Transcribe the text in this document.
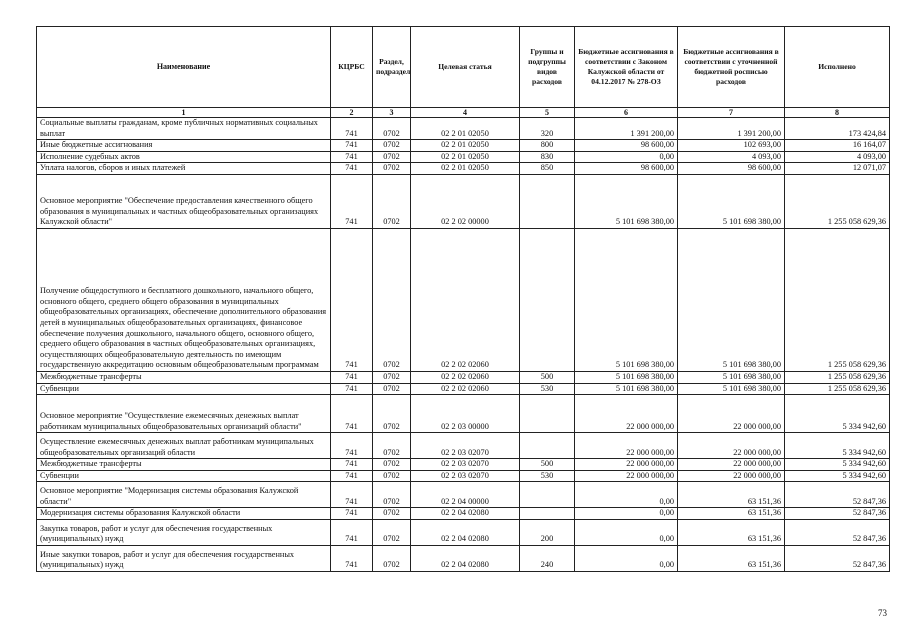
Наименование	КЦРБС	Раздел, подраздел	Целевая статья	Группы и подгруппы видов расходов	Бюджетные ассигнования в соответствии с Законом Калужской области от 04.12.2017 № 278-ОЗ	Бюджетные ассигнования в соответствии с уточненной бюджетной росписью расходов	Исполнено
1	2	3	4	5	6	7	8
Социальные выплаты гражданам, кроме публичных нормативных социальных выплат	741	0702	02 2 01 02050	320	1 391 200,00	1 391 200,00	173 424,84
Иные бюджетные ассигнования	741	0702	02 2 01 02050	800	98 600,00	102 693,00	16 164,07
Исполнение судебных актов	741	0702	02 2 01 02050	830	0,00	4 093,00	4 093,00
Уплата налогов, сборов и иных платежей	741	0702	02 2 01 02050	850	98 600,00	98 600,00	12 071,07
Основное мероприятие "Обеспечение предоставления качественного общего образования в муниципальных и частных общеобразовательных организациях Калужской области"	741	0702	02 2 02 00000		5 101 698 380,00	5 101 698 380,00	1 255 058 629,36
Получение общедоступного и бесплатного дошкольного, начального общего, основного общего, среднего общего образования в муниципальных общеобразовательных организациях, обеспечение дополнительного образования детей в муниципальных общеобразовательных организациях, финансовое обеспечение получения дошкольного, начального общего, основного общего, среднего общего образования в частных общеобразовательных организациях, осуществляющих общеобразовательную деятельность по имеющим государственную аккредитацию основным общеобразовательным программам	741	0702	02 2 02 02060		5 101 698 380,00	5 101 698 380,00	1 255 058 629,36
Межбюджетные трансферты	741	0702	02 2 02 02060	500	5 101 698 380,00	5 101 698 380,00	1 255 058 629,36
Субвенции	741	0702	02 2 02 02060	530	5 101 698 380,00	5 101 698 380,00	1 255 058 629,36
Основное мероприятие "Осуществление ежемесячных денежных выплат работникам муниципальных общеобразовательных организаций области"	741	0702	02 2 03 00000		22 000 000,00	22 000 000,00	5 334 942,60
Осуществление ежемесячных денежных выплат работникам муниципальных общеобразовательных организаций области	741	0702	02 2 03 02070		22 000 000,00	22 000 000,00	5 334 942,60
Межбюджетные трансферты	741	0702	02 2 03 02070	500	22 000 000,00	22 000 000,00	5 334 942,60
Субвенции	741	0702	02 2 03 02070	530	22 000 000,00	22 000 000,00	5 334 942,60
Основное мероприятие "Модернизация системы образования Калужской области"	741	0702	02 2 04 00000		0,00	63 151,36	52 847,36
Модернизация системы образования Калужской области	741	0702	02 2 04 02080		0,00	63 151,36	52 847,36
Закупка товаров, работ и услуг для обеспечения государственных (муниципальных) нужд	741	0702	02 2 04 02080	200	0,00	63 151,36	52 847,36
Иные закупки товаров, работ и услуг для обеспечения государственных (муниципальных) нужд	741	0702	02 2 04 02080	240	0,00	63 151,36	52 847,36
73
